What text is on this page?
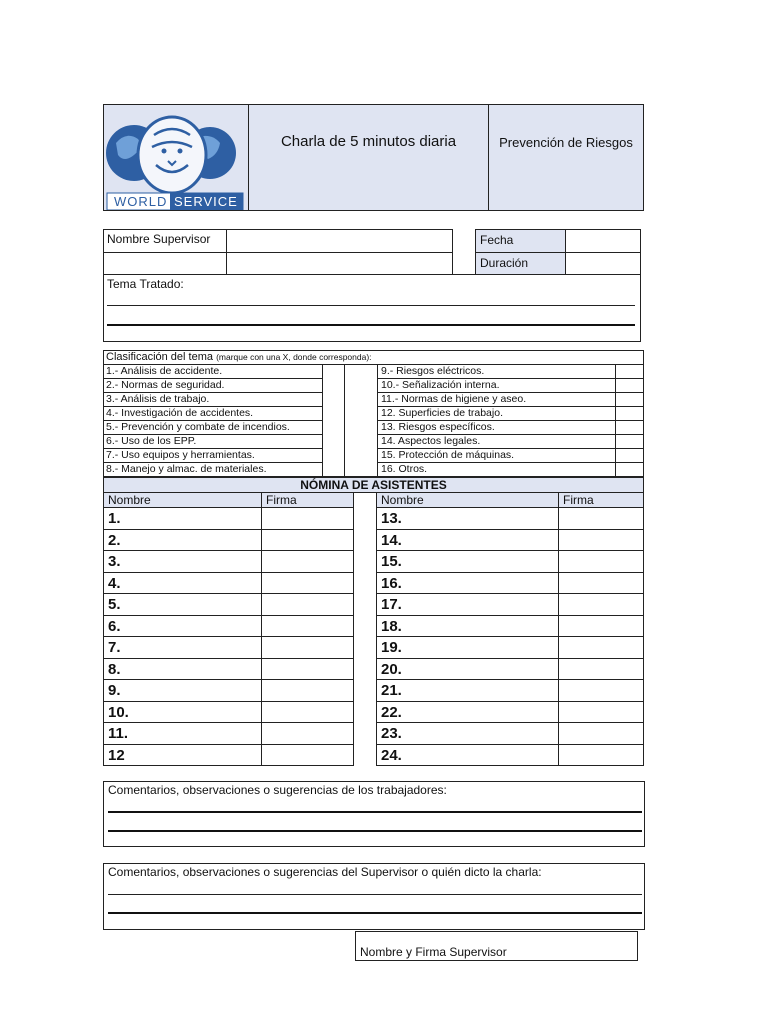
WORLD SERVICE
Charla de 5 minutos diaria	Prevención de Riesgos
Nombre Supervisor	Fecha
Duración
Tema Tratado:
Clasificación del tema (marque con una X, donde corresponda):
1.- Análisis de accidente.	9.- Riesgos eléctricos.
2.- Normas de seguridad.	10.- Señalización interna.
3.- Análisis de trabajo.	11.- Normas de higiene y aseo.
4.- Investigación de accidentes.	12. Superficies de trabajo.
5.- Prevención y combate de incendios.	13. Riesgos específicos.
6.- Uso de los EPP.	14. Aspectos legales.
7.- Uso equipos y herramientas.	15. Protección de máquinas.
8.- Manejo y almac. de materiales.	16. Otros.
NÓMINA DE ASISTENTES
Nombre	Firma	Nombre	Firma
1.	13.
2.	14.
3.	15.
4.	16.
5.	17.
6.	18.
7.	19.
8.	20.
9.	21.
10.	22.
11.	23.
12	24.
Comentarios, observaciones o sugerencias de los trabajadores:
Comentarios, observaciones o sugerencias del Supervisor o quién dicto la charla:
Nombre y Firma Supervisor
